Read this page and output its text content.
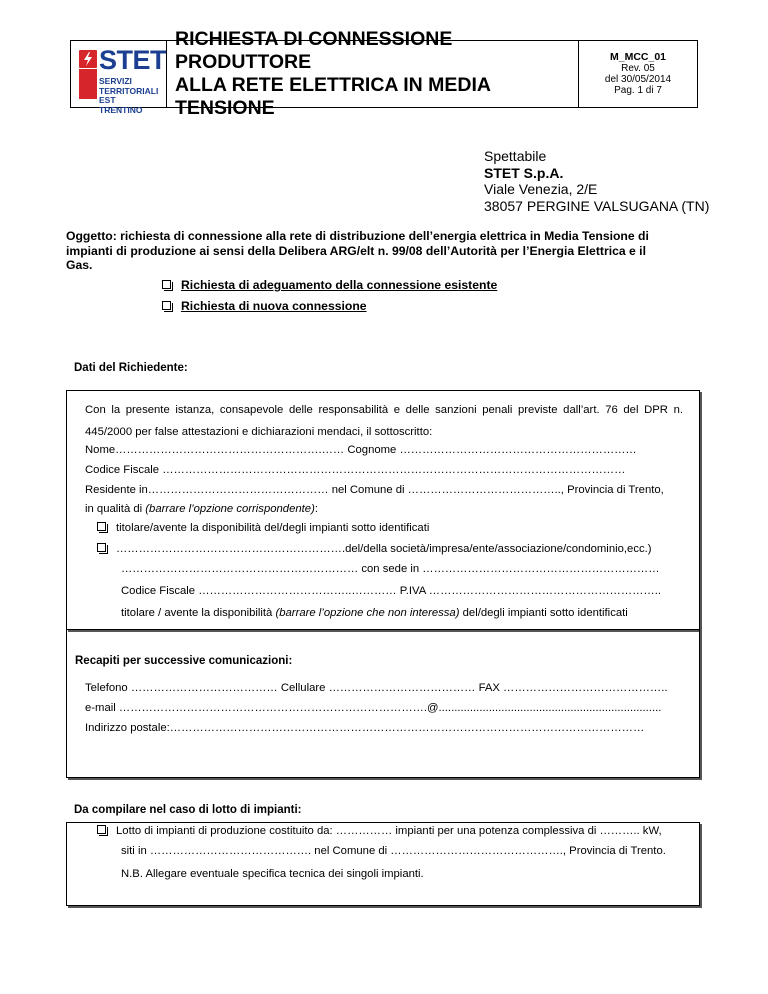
STET
SERVIZI TERRITORIALI
EST TRENTINO
RICHIESTA DI CONNESSIONE PRODUTTORE
ALLA RETE ELETTRICA IN MEDIA TENSIONE
M_MCC_01
Rev. 05
del 30/05/2014
Pag. 1 di 7
Spettabile
STET S.p.A.
Viale Venezia, 2/E
38057 PERGINE VALSUGANA (TN)
Oggetto: richiesta di connessione alla rete di distribuzione dell’energia elettrica in Media Tensione di
impianti di produzione ai sensi della Delibera ARG/elt n. 99/08 dell’Autorità per l’Energia Elettrica e il
Gas.
Richiesta di adeguamento della connessione esistente
Richiesta di nuova connessione
Dati del Richiedente:
Con la presente istanza, consapevole delle responsabilità e delle sanzioni penali previste dall’art. 76 del DPR n.
445/2000 per false attestazioni e dichiarazioni mendaci, il sottoscritto:
Nome……………………………………………….…… Cognome ………………………………………………………
Codice Fiscale ……………………………………………………………………………………………………………
Residente in………………………………………… nel Comune di ………………………………….., Provincia di Trento,
in qualità di (barrare l’opzione corrispondente):
titolare/avente la disponibilità del/degli impianti sotto identificati
…………………………………………………….del/della società/impresa/ente/associazione/condominio,ecc.)
……………………………………………………… con sede in ………………………………………………………
Codice Fiscale …………………………………..………… P.IVA ……………………………………………………..
titolare / avente la disponibilità (barrare l’opzione che non interessa) del/degli impianti sotto identificati
Recapiti per successive comunicazioni:
Telefono ………………………………… Cellulare ………………………………… FAX ……………………………………..
e-mail ……………………………………………………………………….@.......................................................................
Indirizzo postale:………………………………………………………………………………………………………………
Da compilare nel caso di lotto di impianti:
Lotto di impianti di produzione costituito da: …………… impianti per una potenza complessiva di ……….. kW,
siti in ……………………………………. nel Comune di ………………………………………., Provincia di Trento.
N.B. Allegare eventuale specifica tecnica dei singoli impianti.
